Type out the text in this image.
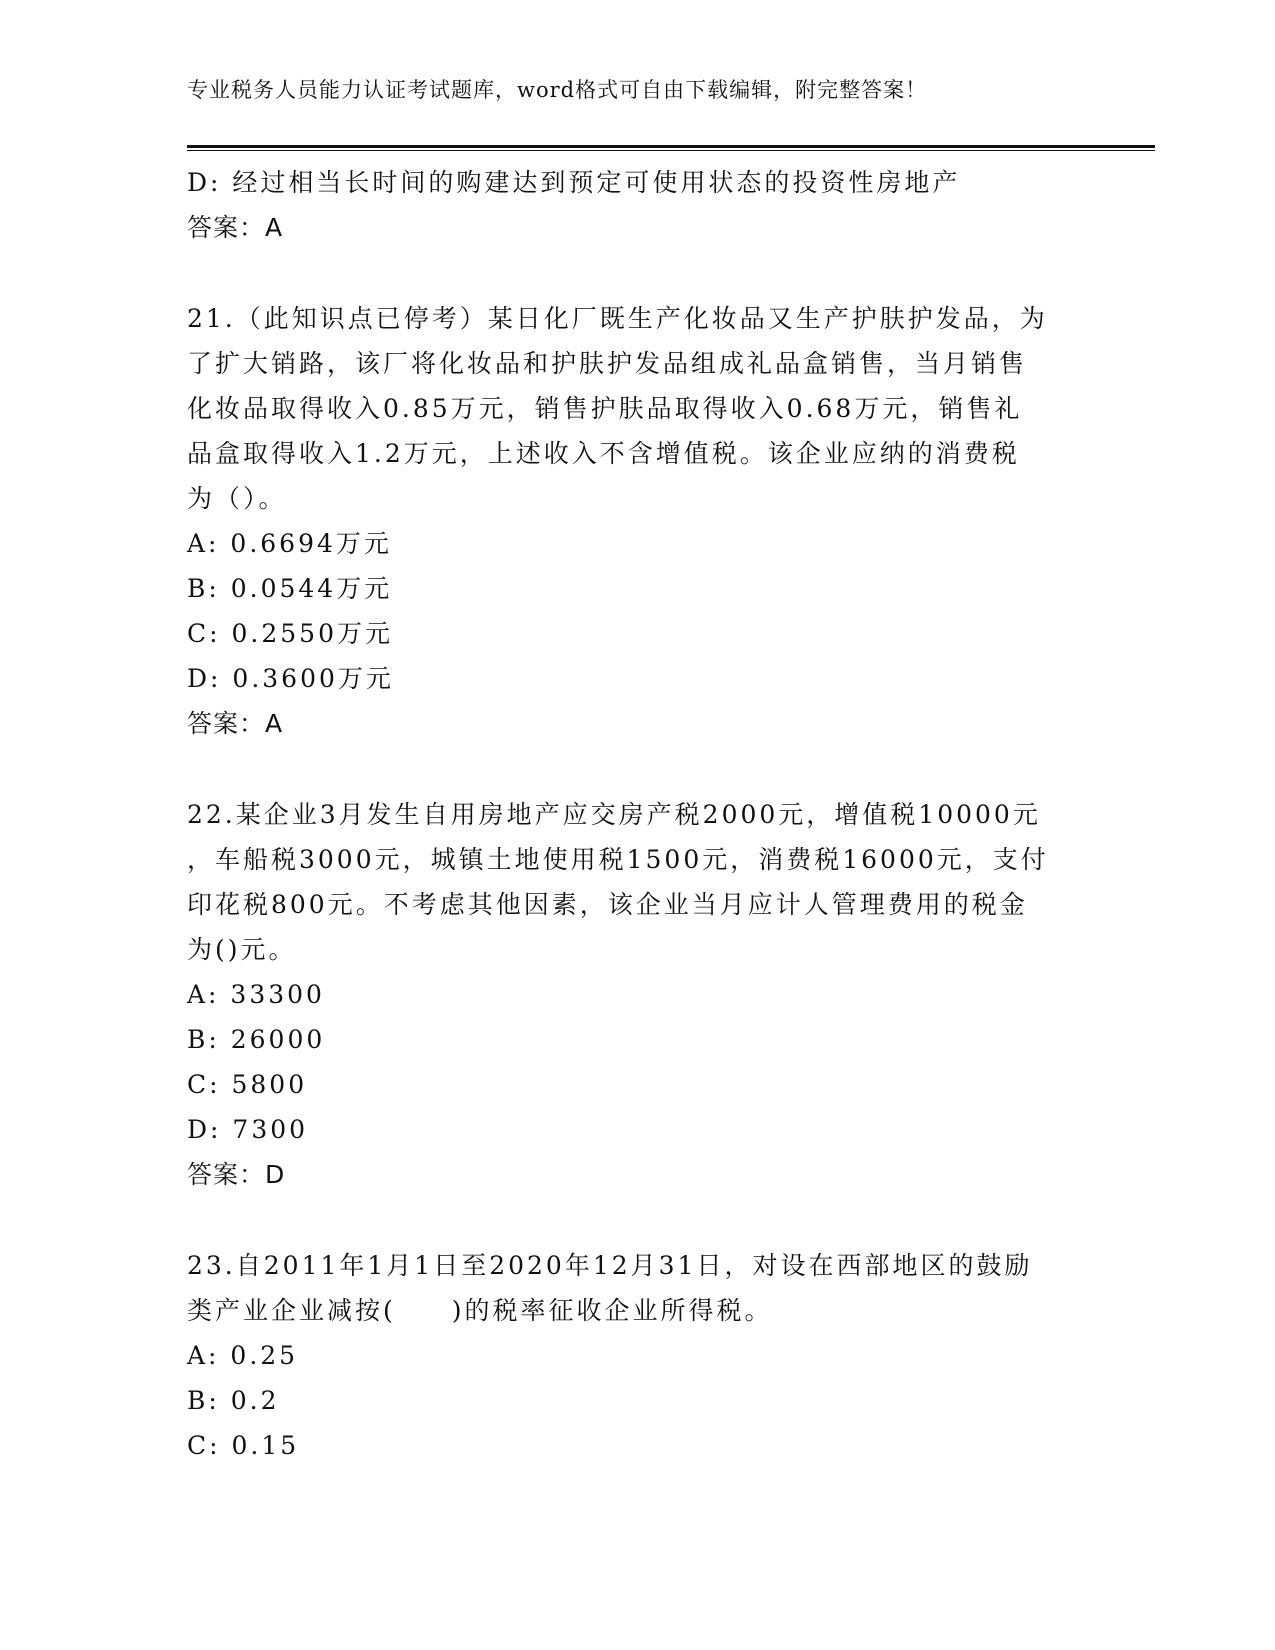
专业税务人员能力认证考试题库，word格式可自由下载编辑，附完整答案！
D: 经过相当长时间的购建达到预定可使用状态的投资性房地产
答案：A
21.（此知识点已停考）某日化厂既生产化妆品又生产护肤护发品，为
了扩大销路，该厂将化妆品和护肤护发品组成礼品盒销售，当月销售
化妆品取得收入0.85万元，销售护肤品取得收入0.68万元，销售礼
品盒取得收入1.2万元，上述收入不含增值税。该企业应纳的消费税
为（）。
A: 0.6694万元
B: 0.0544万元
C: 0.2550万元
D: 0.3600万元
答案：A
22.某企业3月发生自用房地产应交房产税2000元，增值税10000元
，车船税3000元，城镇土地使用税1500元，消费税16000元，支付
印花税800元。不考虑其他因素，该企业当月应计人管理费用的税金
为()元。
A: 33300
B: 26000
C: 5800
D: 7300
答案：D
23.自2011年1月1日至2020年12月31日，对设在西部地区的鼓励
类产业企业减按(　　)的税率征收企业所得税。
A: 0.25
B: 0.2
C: 0.15
